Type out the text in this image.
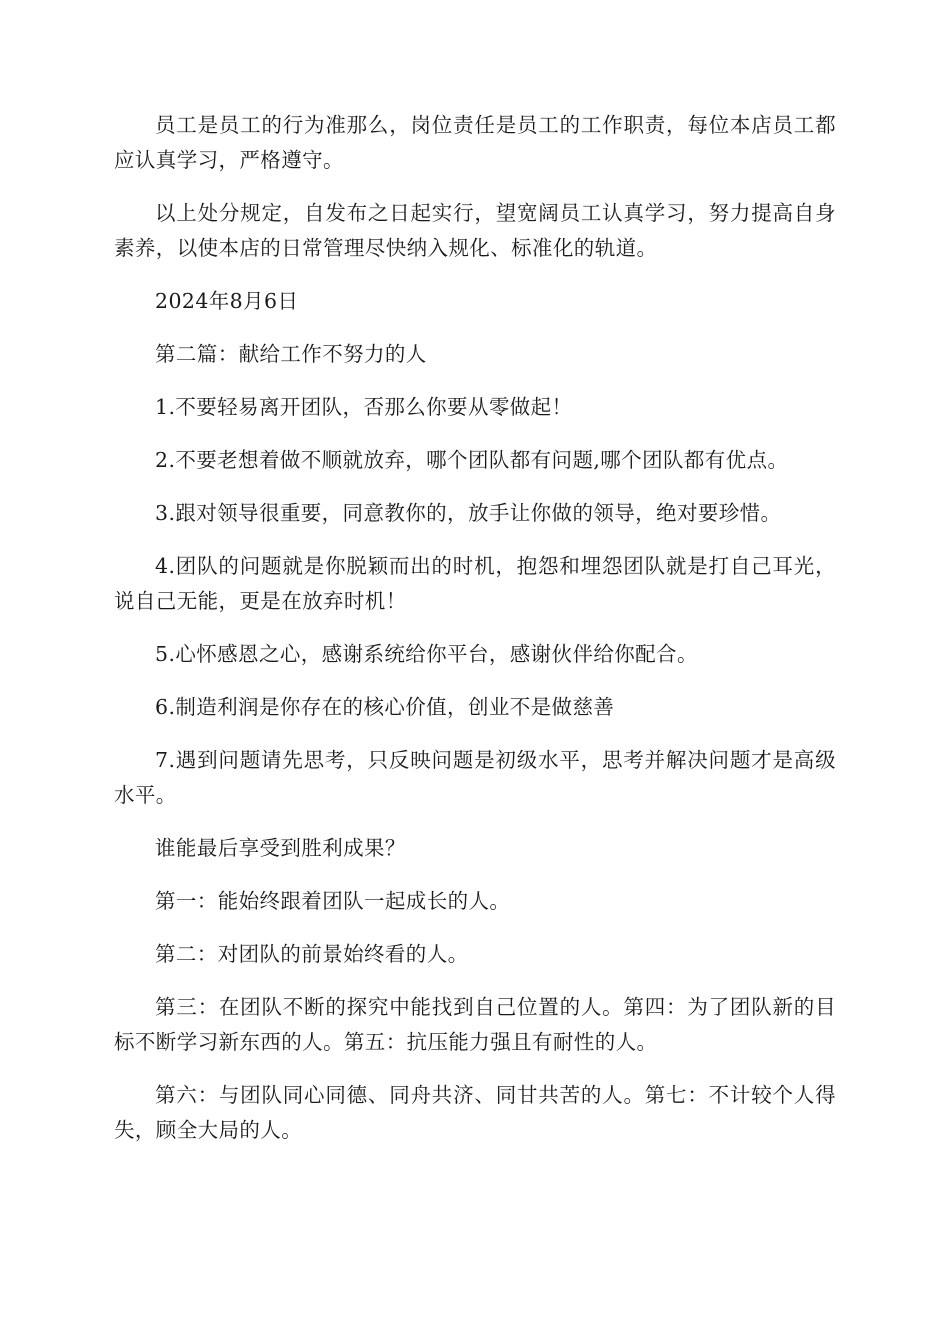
员工是员工的行为准那么，岗位责任是员工的工作职责，每位本店员工都应认真学习，严格遵守。

以上处分规定，自发布之日起实行，望宽阔员工认真学习，努力提高自身素养，以使本店的日常管理尽快纳入规化、标准化的轨道。

2024年8月6日

第二篇：献给工作不努力的人

1.不要轻易离开团队，否那么你要从零做起！

2.不要老想着做不顺就放弃，哪个团队都有问题,哪个团队都有优点。

3.跟对领导很重要，同意教你的，放手让你做的领导，绝对要珍惜。

4.团队的问题就是你脱颖而出的时机，抱怨和埋怨团队就是打自己耳光，说自己无能，更是在放弃时机！

5.心怀感恩之心，感谢系统给你平台，感谢伙伴给你配合。

6.制造利润是你存在的核心价值，创业不是做慈善

7.遇到问题请先思考，只反映问题是初级水平，思考并解决问题才是高级水平。

谁能最后享受到胜利成果？

第一：能始终跟着团队一起成长的人。

第二：对团队的前景始终看的人。

第三：在团队不断的探究中能找到自己位置的人。第四：为了团队新的目标不断学习新东西的人。第五：抗压能力强且有耐性的人。

第六：与团队同心同德、同舟共济、同甘共苦的人。第七：不计较个人得失，顾全大局的人。
